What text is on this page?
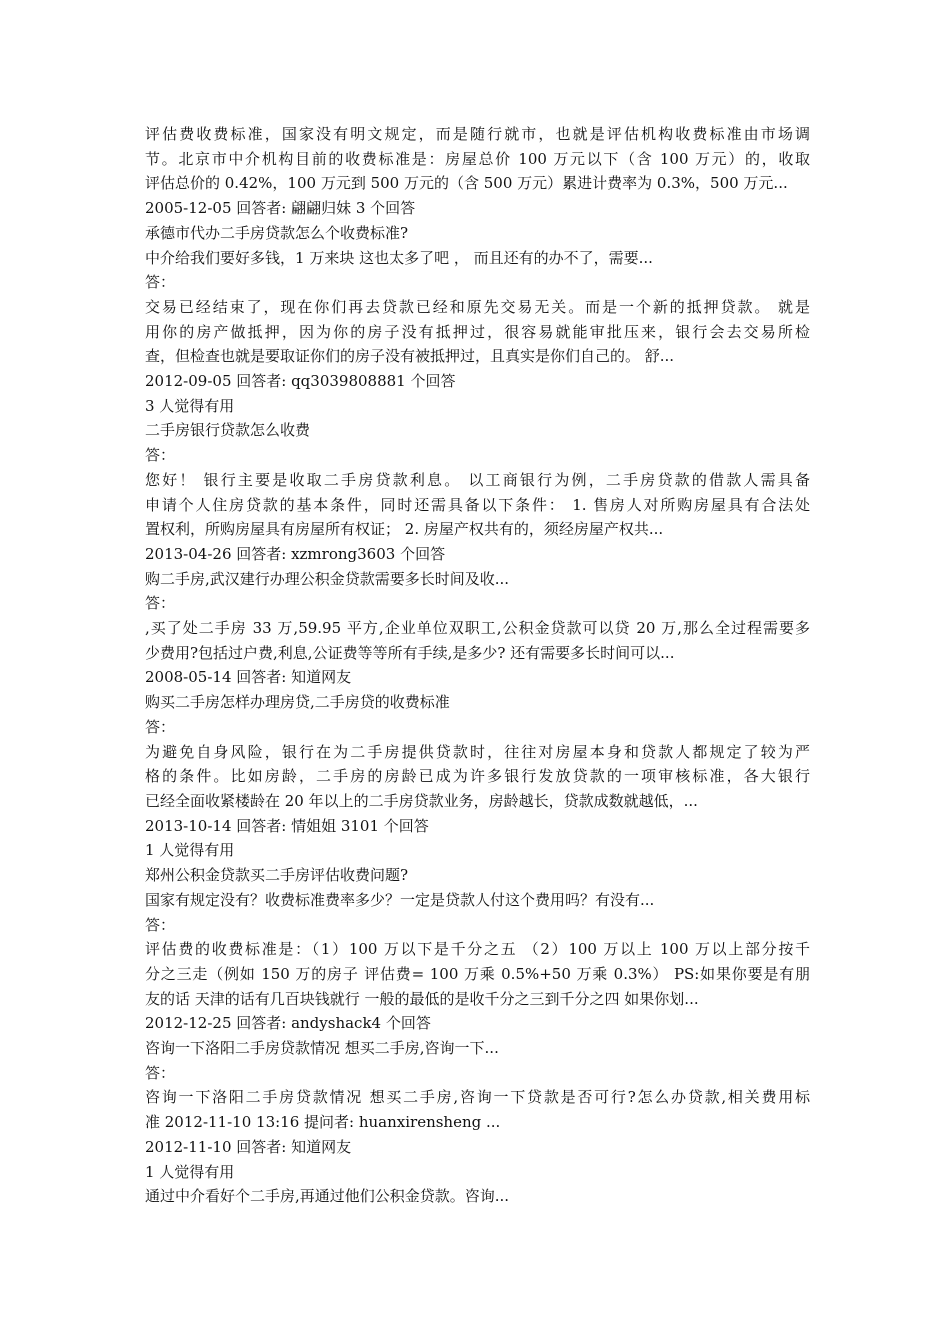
评估费收费标准，国家没有明文规定，而是随行就市，也就是评估机构收费标准由市场调
节。北京市中介机构目前的收费标准是：房屋总价 100 万元以下（含 100 万元）的，收取
评估总价的 0.42%，100 万元到 500 万元的（含 500 万元）累进计费率为 0.3%，500 万元...
2005-12-05 回答者: 翩翩归妹 3 个回答
承德市代办二手房贷款怎么个收费标准?
中介给我们要好多钱，1 万来块 这也太多了吧 ， 而且还有的办不了，需要...
答：
交易已经结束了，现在你们再去贷款已经和原先交易无关。而是一个新的抵押贷款。 就是
用你的房产做抵押，因为你的房子没有抵押过，很容易就能审批压来，银行会去交易所检
查，但检查也就是要取证你们的房子没有被抵押过，且真实是你们自己的。 舒...
2012-09-05 回答者: qq3039808881 个回答
3 人觉得有用
二手房银行贷款怎么收费
答：
您好！ 银行主要是收取二手房贷款利息。 以工商银行为例，二手房贷款的借款人需具备
申请个人住房贷款的基本条件，同时还需具备以下条件： 1. 售房人对所购房屋具有合法处
置权利，所购房屋具有房屋所有权证； 2. 房屋产权共有的，须经房屋产权共...
2013-04-26 回答者: xzmrong3603 个回答
购二手房,武汉建行办理公积金贷款需要多长时间及收...
答：
,买了处二手房 33 万,59.95 平方,企业单位双职工,公积金贷款可以贷 20 万,那么全过程需要多
少费用?包括过户费,利息,公证费等等所有手续,是多少? 还有需要多长时间可以...
2008-05-14 回答者: 知道网友
购买二手房怎样办理房贷,二手房贷的收费标准
答：
为避免自身风险，银行在为二手房提供贷款时，往往对房屋本身和贷款人都规定了较为严
格的条件。比如房龄，二手房的房龄已成为许多银行发放贷款的一项审核标准，各大银行
已经全面收紧楼龄在 20 年以上的二手房贷款业务，房龄越长，贷款成数就越低，...
2013-10-14 回答者: 情姐姐 3101 个回答
1 人觉得有用
郑州公积金贷款买二手房评估收费问题?
国家有规定没有？收费标准费率多少？一定是贷款人付这个费用吗？有没有...
答：
评估费的收费标准是：（1）100 万以下是千分之五 （2）100 万以上 100 万以上部分按千
分之三走（例如 150 万的房子 评估费= 100 万乘 0.5%+50 万乘 0.3%） PS:如果你要是有朋
友的话 天津的话有几百块钱就行 一般的最低的是收千分之三到千分之四 如果你划...
2012-12-25 回答者: andyshack4 个回答
咨询一下洛阳二手房贷款情况 想买二手房,咨询一下...
答：
咨询一下洛阳二手房贷款情况 想买二手房,咨询一下贷款是否可行?怎么办贷款,相关费用标
准 2012-11-10 13:16 提问者: huanxirensheng ...
2012-11-10 回答者: 知道网友
1 人觉得有用
通过中介看好个二手房,再通过他们公积金贷款。咨询...
